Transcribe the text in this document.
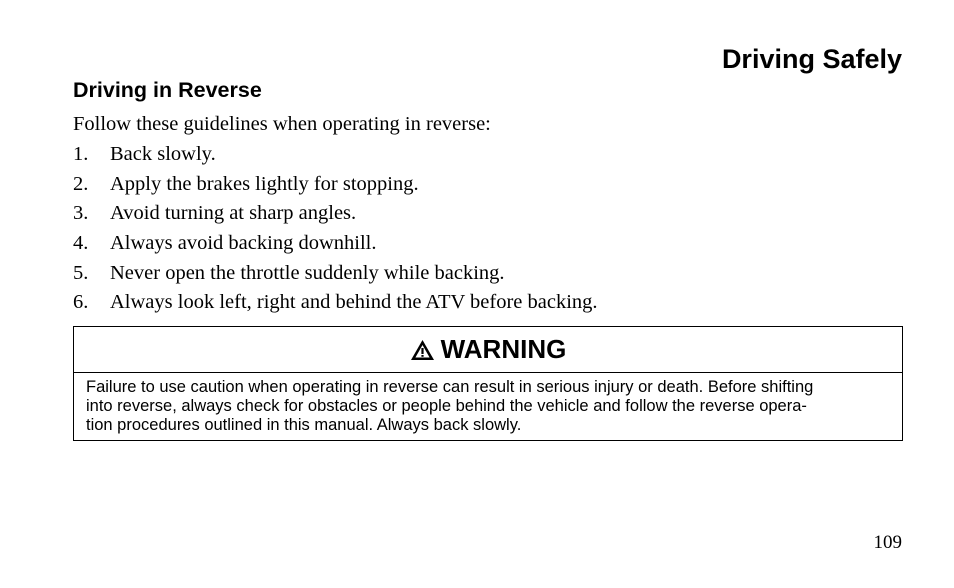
Driving Safely
Driving in Reverse

Follow these guidelines when operating in reverse:

1. Back slowly.
2. Apply the brakes lightly for stopping.
3. Avoid turning at sharp angles.
4. Always avoid backing downhill.
5. Never open the throttle suddenly while backing.
6. Always look left, right and behind the ATV before backing.
WARNING

Failure to use caution when operating in reverse can result in serious injury or death. Before shifting
into reverse, always check for obstacles or people behind the vehicle and follow the reverse opera-
tion procedures outlined in this manual. Always back slowly.

109
